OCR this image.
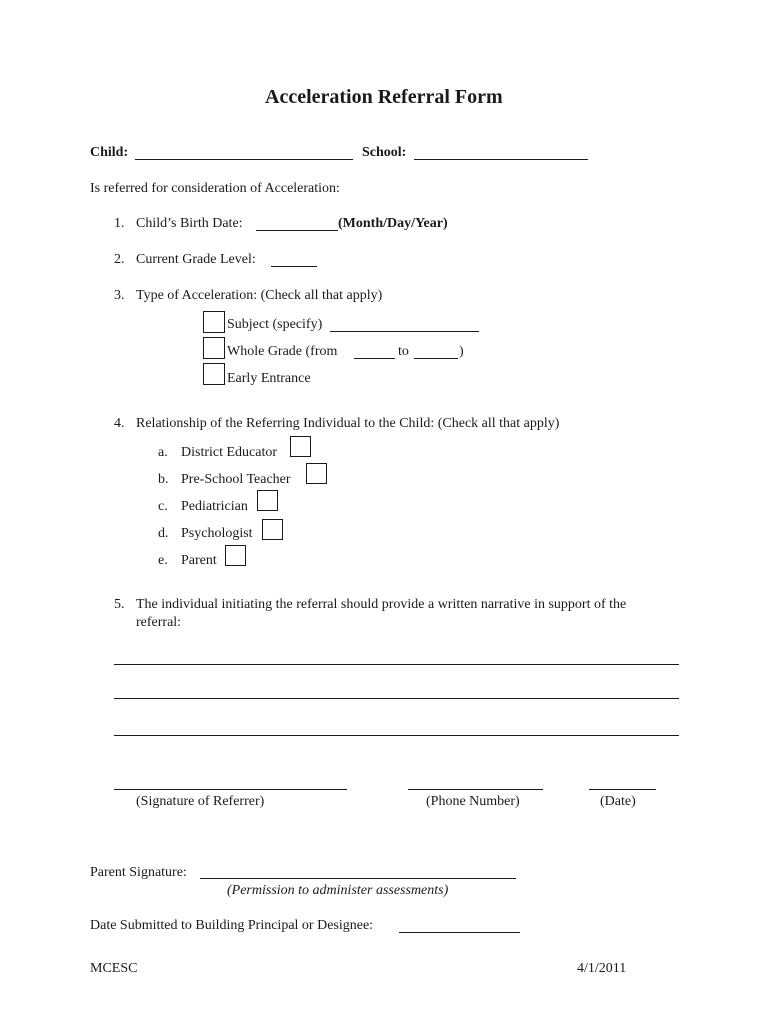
Acceleration Referral Form
Child:	School:
Is referred for consideration of Acceleration:
1. Child’s Birth Date:	(Month/Day/Year)
2. Current Grade Level:
3. Type of Acceleration: (Check all that apply)
Subject (specify)
Whole Grade (from	to	)
Early Entrance
4. Relationship of the Referring Individual to the Child: (Check all that apply)
a. District Educator
b. Pre-School Teacher
c. Pediatrician
d. Psychologist
e. Parent
5. The individual initiating the referral should provide a written narrative in support of the
referral:
(Signature of Referrer)	(Phone Number)	(Date)
Parent Signature:
(Permission to administer assessments)
Date Submitted to Building Principal or Designee:
MCESC	4/1/2011
